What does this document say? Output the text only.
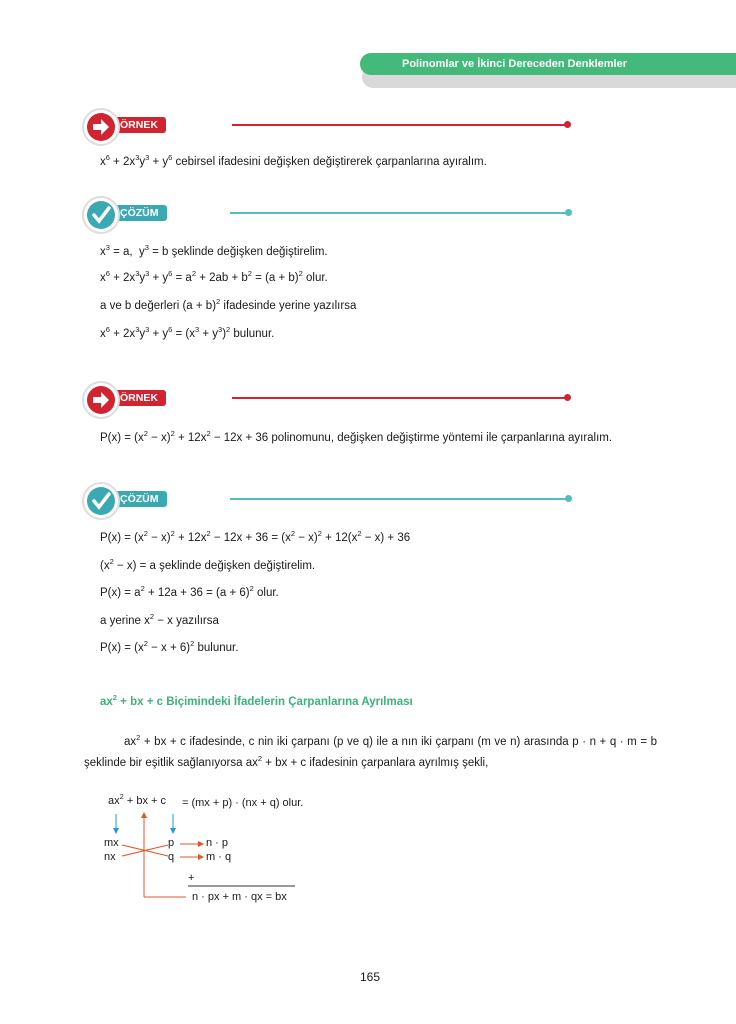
Polinomlar ve İkinci Dereceden Denklemler
ÖRNEK
$x^6 + 2x^3y^3 + y^6$ cebirsel ifadesini değişken değiştirerek çarpanlarına ayıralım.
ÇÖZÜM
$x^3 = a$,  $y^3 = b$ şeklinde değişken değiştirelim.
$x^6 + 2x^3y^3 + y^6 = a^2 + 2ab + b^2 = (a + b)^2$ olur.
a ve b değerleri $(a + b)^2$ ifadesinde yerine yazılırsa
$x^6 + 2x^3y^3 + y^6 = (x^3 + y^3)^2$ bulunur.
ÖRNEK
$P(x) = (x^2 - x)^2 + 12x^2 - 12x + 36$ polinomunu, değişken değiştirme yöntemi ile çarpanlarına ayıralım.
ÇÖZÜM
$P(x) = (x^2 - x)^2 + 12x^2 - 12x + 36 = (x^2 - x)^2 + 12(x^2 - x) + 36$
$(x^2 - x) = a$ şeklinde değişken değiştirelim.
$P(x) = a^2 + 12a + 36 = (a + 6)^2$ olur.
a yerine $x^2 - x$ yazılırsa
$P(x) = (x^2 - x + 6)^2$ bulunur.
$ax^2$ + bx + c Biçimindeki İfadelerin Çarpanlarına Ayrılması
$ax^2$ + bx + c ifadesinde, c nin iki çarpanı (p ve q) ile a nın iki çarpanı (m ve n) arasında p · n + q · m = b şeklinde bir eşitlik sağlanıyorsa $ax^2$ + bx + c ifadesinin çarpanlara ayrılmış şekli,
$ax^2$ + bx + c = (mx + p) · (nx + q) olur.
mx
nx
p
q
n · p
m · q
+
n · px + m · qx = bx
165
